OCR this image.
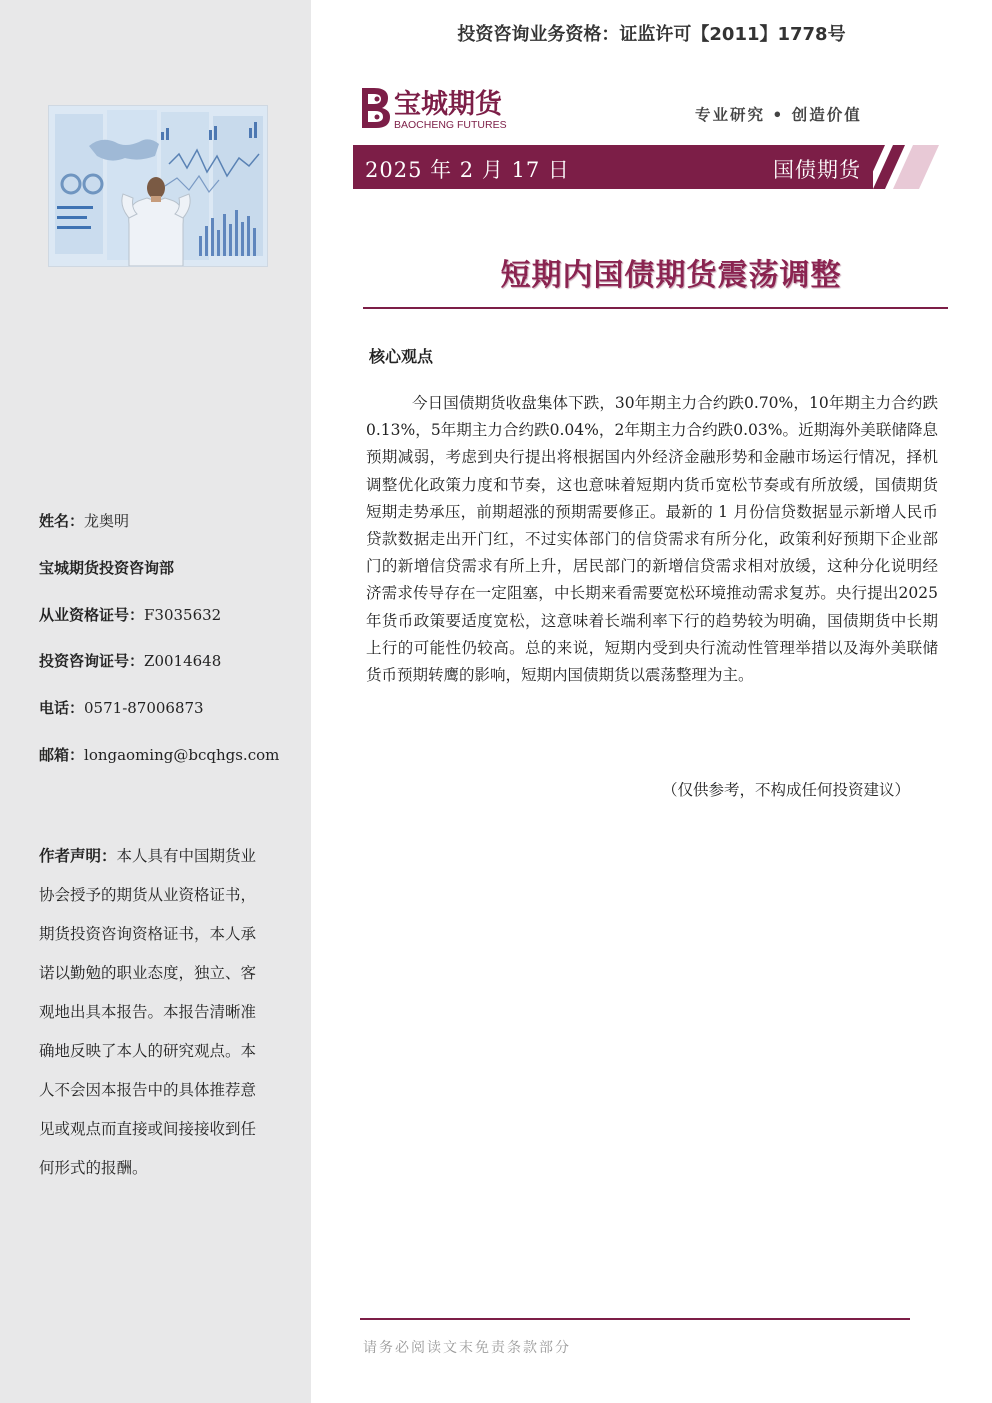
姓名：龙奥明
宝城期货投资咨询部
从业资格证号：F3035632
投资咨询证号：Z0014648
电话：0571-87006873
邮箱：longaoming@bcqhgs.com
作者声明：本人具有中国期货业协会授予的期货从业资格证书，期货投资咨询资格证书，本人承诺以勤勉的职业态度，独立、客观地出具本报告。本报告清晰准确地反映了本人的研究观点。本人不会因本报告中的具体推荐意见或观点而直接或间接接收到任何形式的报酬。
投资咨询业务资格：证监许可【2011】1778号
宝城期货
BAOCHENG FUTURES
专业研究 • 创造价值
2025 年 2 月 17 日	国债期货
短期内国债期货震荡调整
核心观点
今日国债期货收盘集体下跌，30年期主力合约跌0.70%，10年期主力合约跌0.13%，5年期主力合约跌0.04%，2年期主力合约跌0.03%。近期海外美联储降息预期减弱，考虑到央行提出将根据国内外经济金融形势和金融市场运行情况，择机调整优化政策力度和节奏，这也意味着短期内货币宽松节奏或有所放缓，国债期货短期走势承压，前期超涨的预期需要修正。最新的 1 月份信贷数据显示新增人民币贷款数据走出开门红，不过实体部门的信贷需求有所分化，政策利好预期下企业部门的新增信贷需求有所上升，居民部门的新增信贷需求相对放缓，这种分化说明经济需求传导存在一定阻塞，中长期来看需要宽松环境推动需求复苏。央行提出2025年货币政策要适度宽松，这意味着长端利率下行的趋势较为明确，国债期货中长期上行的可能性仍较高。总的来说，短期内受到央行流动性管理举措以及海外美联储货币预期转鹰的影响，短期内国债期货以震荡整理为主。
（仅供参考，不构成任何投资建议）
请务必阅读文末免责条款部分
